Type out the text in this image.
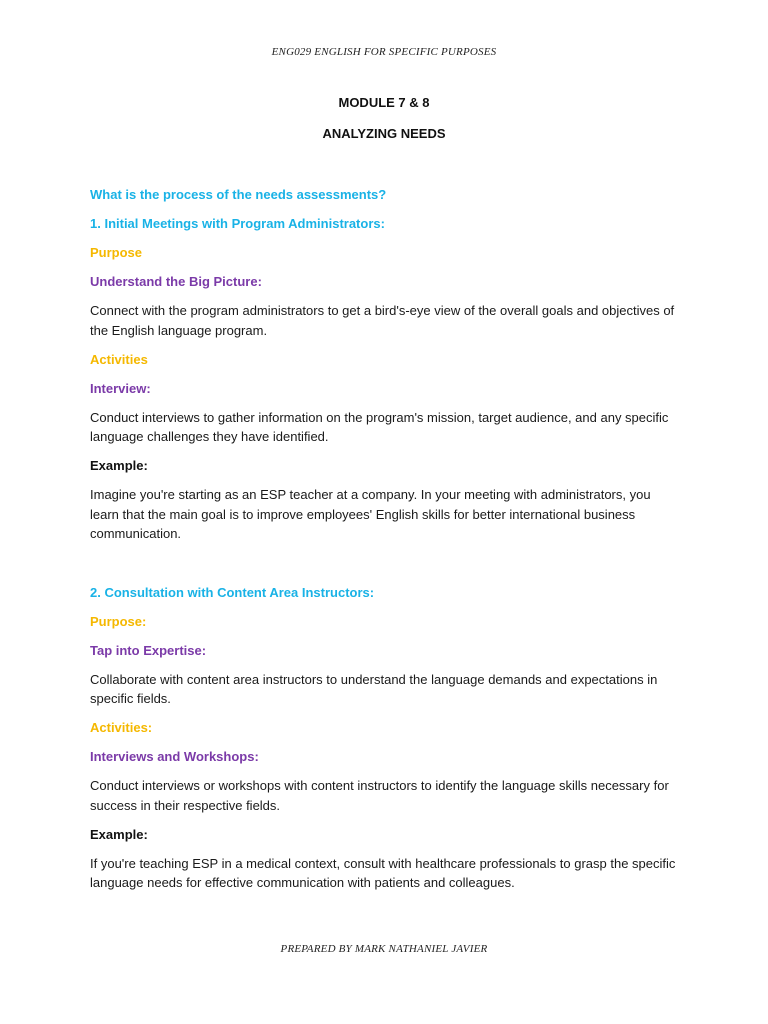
ENG029 ENGLISH FOR SPECIFIC PURPOSES
MODULE 7 & 8
ANALYZING NEEDS

What is the process of the needs assessments?

1. Initial Meetings with Program Administrators:

Purpose

Understand the Big Picture:

Connect with the program administrators to get a bird's-eye view of the overall goals and objectives of the English language program.

Activities

Interview:

Conduct interviews to gather information on the program's mission, target audience, and any specific language challenges they have identified.

Example:

Imagine you're starting as an ESP teacher at a company. In your meeting with administrators, you learn that the main goal is to improve employees' English skills for better international business communication.

2. Consultation with Content Area Instructors:

Purpose:

Tap into Expertise:

Collaborate with content area instructors to understand the language demands and expectations in specific fields.

Activities:

Interviews and Workshops:

Conduct interviews or workshops with content instructors to identify the language skills necessary for success in their respective fields.

Example:

If you're teaching ESP in a medical context, consult with healthcare professionals to grasp the specific language needs for effective communication with patients and colleagues.

PREPARED BY MARK NATHANIEL JAVIER
